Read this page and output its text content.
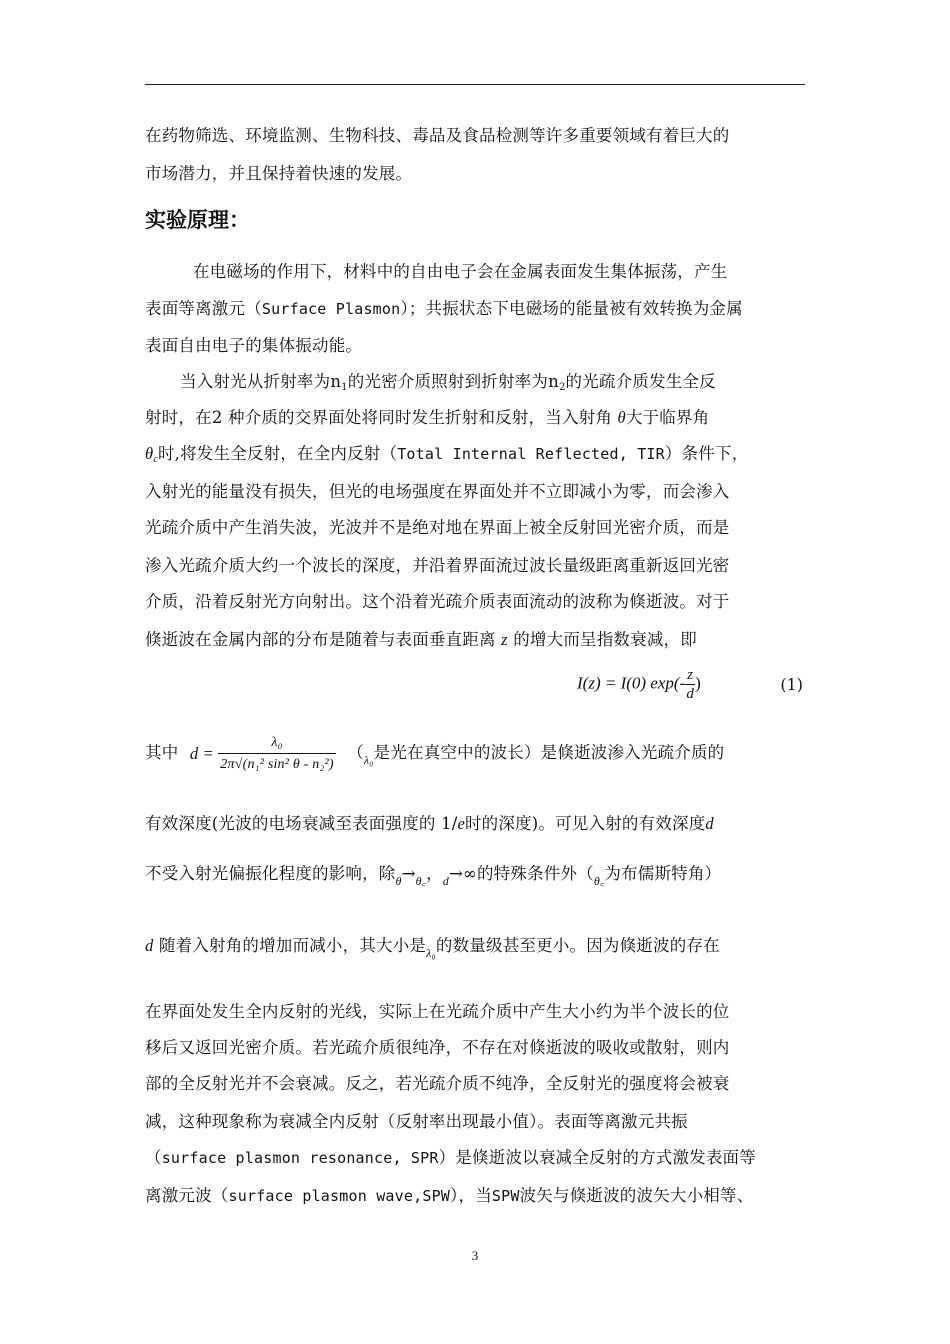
在药物筛选、环境监测、生物科技、毒品及食品检测等许多重要领域有着巨大的
市场潜力，并且保持着快速的发展。
实验原理：
在电磁场的作用下，材料中的自由电子会在金属表面发生集体振荡，产生
表面等离激元（Surface Plasmon）；共振状态下电磁场的能量被有效转换为金属
表面自由电子的集体振动能。
当入射光从折射率为$n_1$的光密介质照射到折射率为$n_2$的光疏介质发生全反
射时，在2 种介质的交界面处将同时发生折射和反射，当入射角 θ大于临界角
$\theta_c$时,将发生全反射，在全内反射（Total Internal Reflected, TIR）条件下，
入射光的能量没有损失，但光的电场强度在界面处并不立即减小为零，而会渗入
光疏介质中产生消失波，光波并不是绝对地在界面上被全反射回光密介质，而是
渗入光疏介质大约一个波长的深度，并沿着界面流过波长量级距离重新返回光密
介质，沿着反射光方向射出。这个沿着光疏介质表面流动的波称为倏逝波。对于
倏逝波在金属内部的分布是随着与表面垂直距离 z 的增大而呈指数衰减，即
I(z) = I(0) $\exp(- \frac{z}{d}$ )	(1)
其中 $d = \frac{\text{λ₀}}{\text{2π√(n₁² sin² θ - n₂²)}} (_{\lambda_0}$是光在真空中的波长）是倏逝波渗入光疏介质的
有效深度(光波的电场衰减至表面强度的 1/e时的深度)。可见入射的有效深度d
不受入射光偏振化程度的影响，除$_\theta\to_{\theta꜀}$，$_d$→∞的特殊条件外（$_{\theta꜀}$为布儒斯特角）
d 随着入射角的增加而减小，其大小是$_{\lambda_0}$的数量级甚至更小。因为倏逝波的存在
在界面处发生全内反射的光线，实际上在光疏介质中产生大小约为半个波长的位
移后又返回光密介质。若光疏介质很纯净，不存在对倏逝波的吸收或散射，则内
部的全反射光并不会衰减。反之，若光疏介质不纯净，全反射光的强度将会被衰
减，这种现象称为衰减全内反射（反射率出现最小值）。表面等离激元共振
（surface plasmon resonance, SPR）是倏逝波以衰减全反射的方式激发表面等
离激元波（surface plasmon wave,SPW），当SPW波矢与倏逝波的波矢大小相等、
3
